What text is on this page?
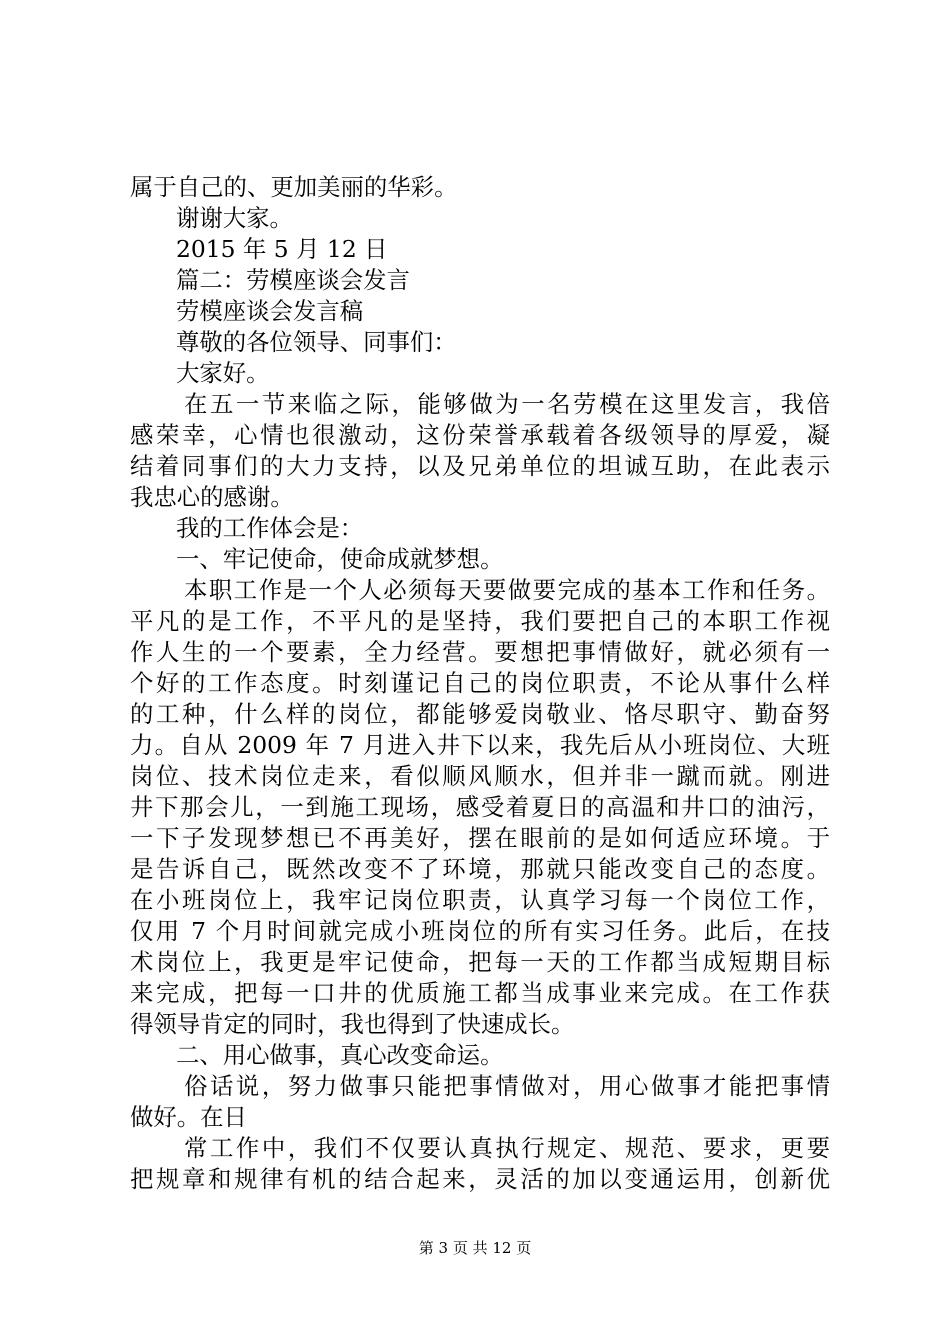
属于自己的、更加美丽的华彩。
谢谢大家。
2015 年 5 月 12 日
篇二：劳模座谈会发言
劳模座谈会发言稿
尊敬的各位领导、同事们：
大家好。
在五一节来临之际，能够做为一名劳模在这里发言，我倍
感荣幸，心情也很激动，这份荣誉承载着各级领导的厚爱，凝
结着同事们的大力支持，以及兄弟单位的坦诚互助，在此表示
我忠心的感谢。
我的工作体会是：
一、牢记使命，使命成就梦想。
本职工作是一个人必须每天要做要完成的基本工作和任务。
平凡的是工作，不平凡的是坚持，我们要把自己的本职工作视
作人生的一个要素，全力经营。要想把事情做好，就必须有一
个好的工作态度。时刻谨记自己的岗位职责，不论从事什么样
的工种，什么样的岗位，都能够爱岗敬业、恪尽职守、勤奋努
力。自从 2009 年 7 月进入井下以来，我先后从小班岗位、大班
岗位、技术岗位走来，看似顺风顺水，但并非一蹴而就。刚进
井下那会儿，一到施工现场，感受着夏日的高温和井口的油污，
一下子发现梦想已不再美好，摆在眼前的是如何适应环境。于
是告诉自己，既然改变不了环境，那就只能改变自己的态度。
在小班岗位上，我牢记岗位职责，认真学习每一个岗位工作，
仅用 7 个月时间就完成小班岗位的所有实习任务。此后，在技
术岗位上，我更是牢记使命，把每一天的工作都当成短期目标
来完成，把每一口井的优质施工都当成事业来完成。在工作获
得领导肯定的同时，我也得到了快速成长。
二、用心做事，真心改变命运。
俗话说，努力做事只能把事情做对，用心做事才能把事情
做好。在日
常工作中，我们不仅要认真执行规定、规范、要求，更要
把规章和规律有机的结合起来，灵活的加以变通运用，创新优
第 3 页 共 12 页
